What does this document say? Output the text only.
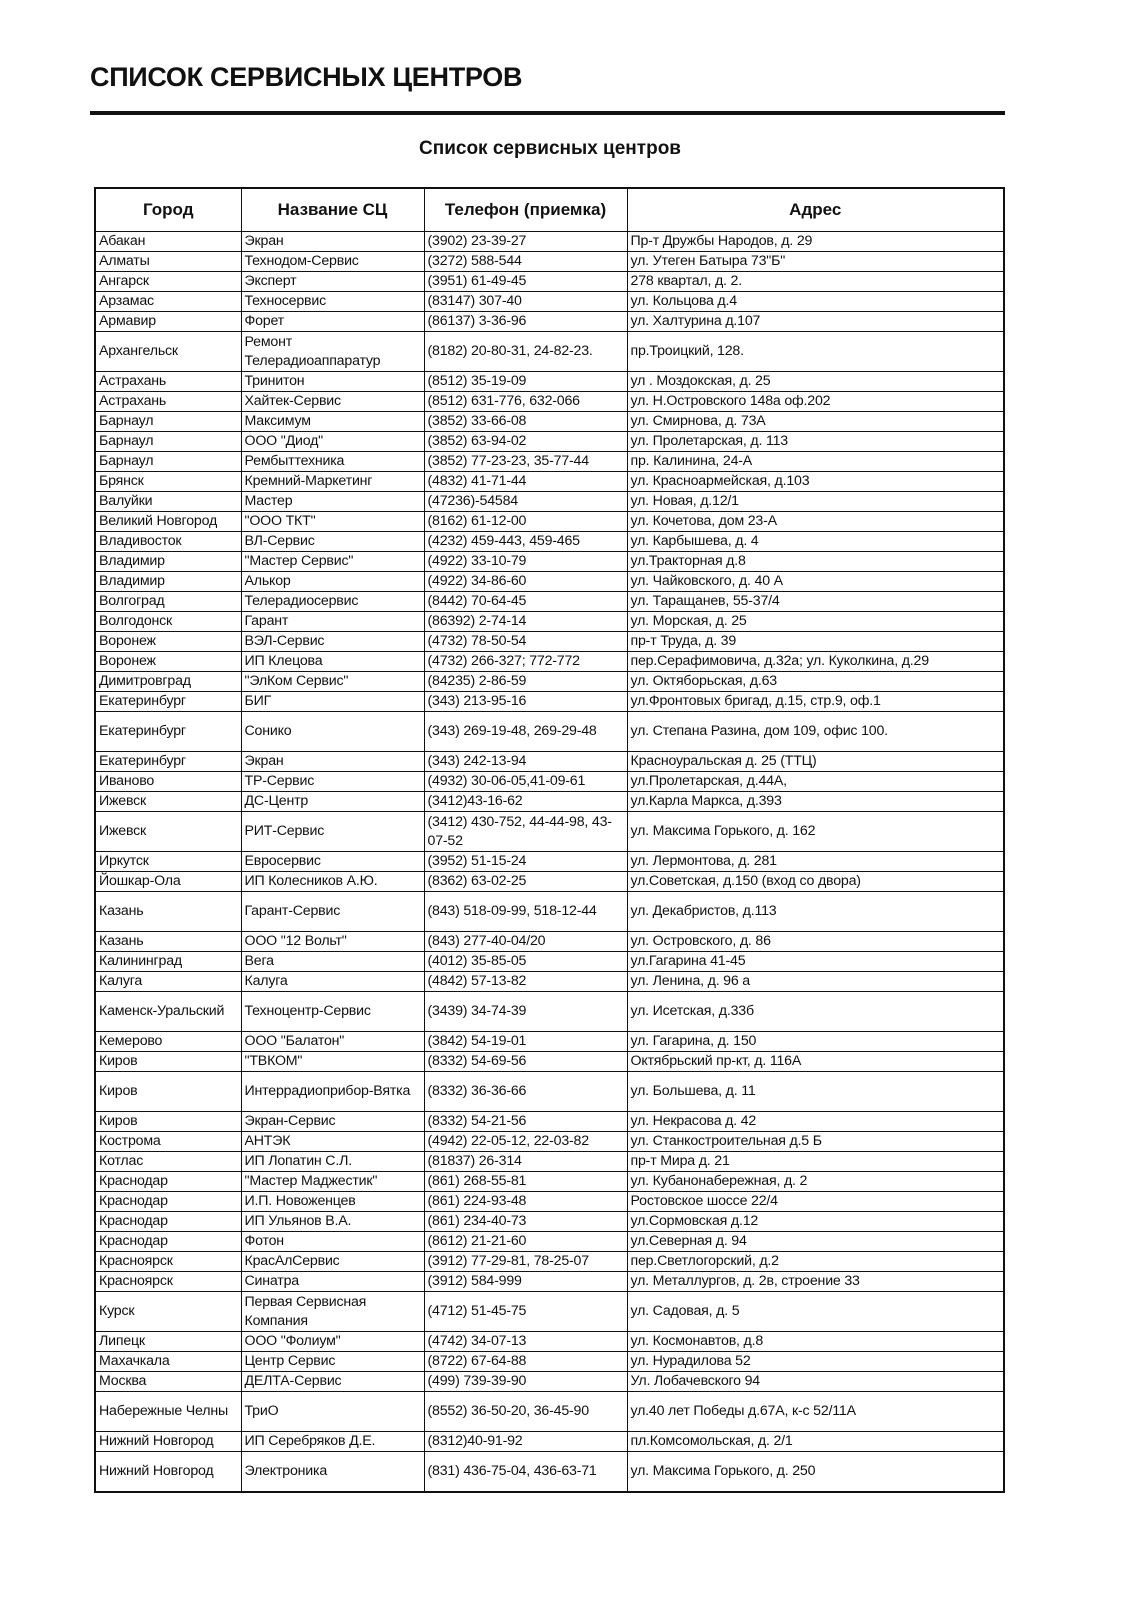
СПИСОК СЕРВИСНЫХ ЦЕНТРОВ
Список сервисных центров
Город	Название СЦ	Телефон (приемка)	Адрес
Абакан	Экран	(3902) 23-39-27	Пр-т Дружбы Народов, д. 29
Алматы	Технодом-Сервис	(3272) 588-544	ул. Утеген Батыра 73"Б"
Ангарск	Эксперт	(3951) 61-49-45	278 квартал, д. 2.
Арзамас	Техносервис	(83147) 307-40	ул. Кольцова д.4
Армавир	Форет	(86137) 3-36-96	ул. Халтурина д.107
Архангельск	Ремонт Телерадиоаппаратур	(8182) 20-80-31, 24-82-23.	пр.Троицкий, 128.
Астрахань	Тринитон	(8512) 35-19-09	ул . Моздокская, д. 25
Астрахань	Хайтек-Сервис	(8512) 631-776, 632-066	ул. Н.Островского 148а оф.202
Барнаул	Максимум	(3852) 33-66-08	ул. Смирнова, д. 73А
Барнаул	ООО "Диод"	(3852) 63-94-02	ул. Пролетарская, д. 113
Барнаул	Рембыттехника	(3852) 77-23-23, 35-77-44	пр. Калинина, 24-А
Брянск	Кремний-Маркетинг	(4832) 41-71-44	ул. Красноармейская, д.103
Валуйки	Мастер	(47236)-54584	ул. Новая, д.12/1
Великий Новгород	"ООО ТКТ"	(8162) 61-12-00	ул. Кочетова, дом 23-А
Владивосток	ВЛ-Сервис	(4232) 459-443, 459-465	ул. Карбышева, д. 4
Владимир	"Мастер Сервис"	(4922) 33-10-79	ул.Тракторная д.8
Владимир	Алькор	(4922) 34-86-60	ул. Чайковского, д. 40 А
Волгоград	Телерадиосервис	(8442) 70-64-45	ул. Таращанев, 55-37/4
Волгодонск	Гарант	(86392) 2-74-14	ул. Морская, д. 25
Воронеж	ВЭЛ-Сервис	(4732) 78-50-54	пр-т Труда, д. 39
Воронеж	ИП Клецова	(4732) 266-327; 772-772	пер.Серафимовича, д.32а; ул. Куколкина, д.29
Димитровград	"ЭлКом Сервис"	(84235) 2-86-59	ул. Октяборьская, д.63
Екатеринбург	БИГ	(343) 213-95-16	ул.Фронтовых бригад, д.15, стр.9, оф.1
Екатеринбург	Сонико	(343) 269-19-48, 269-29-48	ул. Степана Разина, дом 109, офис 100.
Екатеринбург	Экран	(343) 242-13-94	Красноуральская д. 25 (ТТЦ)
Иваново	ТР-Сервис	(4932) 30-06-05,41-09-61	ул.Пролетарская, д.44А,
Ижевск	ДС-Центр	(3412)43-16-62	ул.Карла Маркса, д.393
Ижевск	РИТ-Сервис	(3412) 430-752, 44-44-98, 43-07-52	ул. Максима Горького, д. 162
Иркутск	Евросервис	(3952) 51-15-24	ул. Лермонтова, д. 281
Йошкар-Ола	ИП Колесников А.Ю.	(8362) 63-02-25	ул.Советская, д.150 (вход со двора)
Казань	Гарант-Сервис	(843) 518-09-99, 518-12-44	ул. Декабристов, д.113
Казань	ООО "12 Вольт"	(843) 277-40-04/20	ул. Островского, д. 86
Калининград	Вега	(4012) 35-85-05	ул.Гагарина 41-45
Калуга	Калуга	(4842) 57-13-82	ул. Ленина, д. 96 а
Каменск-Уральский	Техноцентр-Сервис	(3439) 34-74-39	ул. Исетская, д.33б
Кемерово	ООО "Балатон"	(3842) 54-19-01	ул. Гагарина, д. 150
Киров	"ТВКОМ"	(8332) 54-69-56	Октябрьский пр-кт, д. 116А
Киров	Интеррадиоприбор-Вятка	(8332) 36-36-66	ул. Большева, д. 11
Киров	Экран-Сервис	(8332) 54-21-56	ул. Некрасова д. 42
Кострома	АНТЭК	(4942) 22-05-12, 22-03-82	ул. Станкостроительная д.5 Б
Котлас	ИП Лопатин С.Л.	(81837) 26-314	пр-т Мира д. 21
Краснодар	"Мастер Маджестик"	(861) 268-55-81	ул. Кубанонабережная, д. 2
Краснодар	И.П. Новоженцев	(861) 224-93-48	Ростовское шоссе 22/4
Краснодар	ИП Ульянов В.А.	(861) 234-40-73	ул.Сормовская д.12
Краснодар	Фотон	(8612) 21-21-60	ул.Северная д. 94
Красноярск	КрасАлСервис	(3912) 77-29-81, 78-25-07	пер.Светлогорский, д.2
Красноярск	Синатра	(3912) 584-999	ул. Металлургов, д. 2в, строение 33
Курск	Первая Сервисная Компания	(4712) 51-45-75	ул. Садовая, д. 5
Липецк	ООО "Фолиум"	(4742) 34-07-13	ул. Космонавтов, д.8
Махачкала	Центр Сервис	(8722) 67-64-88	ул. Нурадилова 52
Москва	ДЕЛТА-Сервис	(499) 739-39-90	Ул. Лобачевского 94
Набережные Челны	ТриО	(8552) 36-50-20, 36-45-90	ул.40 лет Победы д.67А, к-с 52/11А
Нижний Новгород	ИП Серебряков Д.Е.	(8312)40-91-92	пл.Комсомольская, д. 2/1
Нижний Новгород	Электроника	(831) 436-75-04, 436-63-71	ул. Максима Горького, д. 250
